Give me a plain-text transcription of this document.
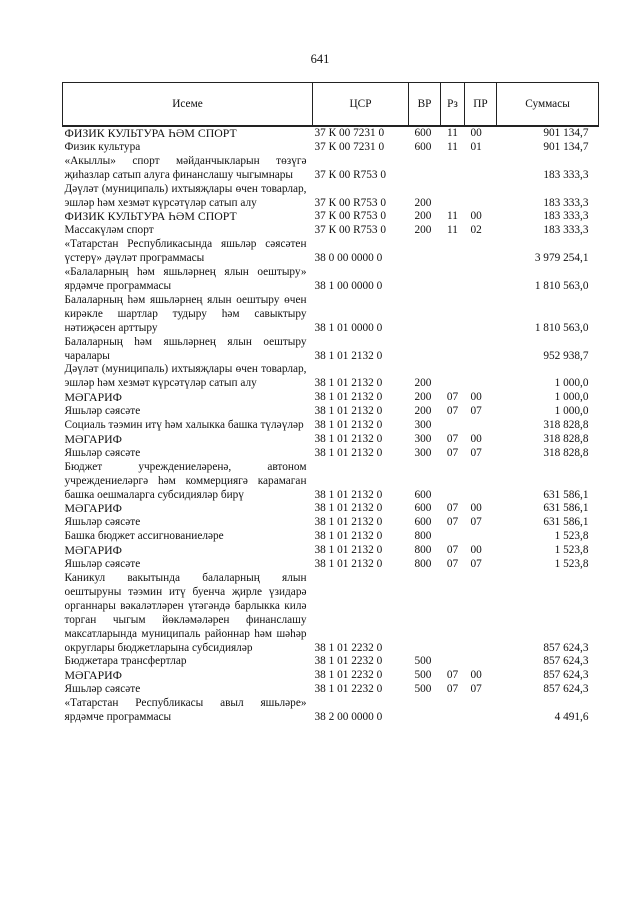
641
Исеме	ЦСР	ВР	Рз	ПР	Суммасы
ФИЗИК КУЛЬТУРА ҺӘМ СПОРТ	37 К 00 7231 0	600	11	00	901 134,7
Физик культура	37 К 00 7231 0	600	11	01	901 134,7
«Акыллы» спорт мәйданчыкларын төзүгә җиһазлар сатып алуга финанслашу чыгымнары	37 К 00 R753 0				183 333,3
Дәүләт (муниципаль) ихтыяҗлары өчен товарлар, эшләр һәм хезмәт күрсәтүләр сатып алу	37 К 00 R753 0	200			183 333,3
ФИЗИК КУЛЬТУРА ҺӘМ СПОРТ	37 К 00 R753 0	200	11	00	183 333,3
Массакүләм спорт	37 К 00 R753 0	200	11	02	183 333,3
«Татарстан Республикасында яшьләр сәясәтен үстерү» дәүләт программасы	38 0 00 0000 0				3 979 254,1
«Балаларның һәм яшьләрнең ялын оештыру» ярдәмче программасы	38 1 00 0000 0				1 810 563,0
Балаларның һәм яшьләрнең ялын оештыру өчен кирәкле шартлар тудыру һәм савыктыру нәтиҗәсен арттыру	38 1 01 0000 0				1 810 563,0
Балаларның һәм яшьләрнең ялын оештыру чаралары	38 1 01 2132 0				952 938,7
Дәүләт (муниципаль) ихтыяҗлары өчен товарлар, эшләр һәм хезмәт күрсәтүләр сатып алу	38 1 01 2132 0	200			1 000,0
МӘГАРИФ	38 1 01 2132 0	200	07	00	1 000,0
Яшьләр сәясәте	38 1 01 2132 0	200	07	07	1 000,0
Социаль тәэмин итү һәм халыкка башка түләүләр	38 1 01 2132 0	300			318 828,8
МӘГАРИФ	38 1 01 2132 0	300	07	00	318 828,8
Яшьләр сәясәте	38 1 01 2132 0	300	07	07	318 828,8
Бюджет учреждениеләренә, автоном учреждениеләргә һәм коммерциягә карамаган башка оешмаларга субсидияләр бирү	38 1 01 2132 0	600			631 586,1
МӘГАРИФ	38 1 01 2132 0	600	07	00	631 586,1
Яшьләр сәясәте	38 1 01 2132 0	600	07	07	631 586,1
Башка бюджет ассигнованиеләре	38 1 01 2132 0	800			1 523,8
МӘГАРИФ	38 1 01 2132 0	800	07	00	1 523,8
Яшьләр сәясәте	38 1 01 2132 0	800	07	07	1 523,8
Каникул вакытында балаларның ялын оештыруны тәэмин итү буенча җирле үзидарә органнары вәкаләтләрен үтәгәндә барлыкка килә торган чыгым йөкләмәләрен финанслашу максатларында муниципаль районнар һәм шәһәр округлары бюджетларына субсидияләр	38 1 01 2232 0				857 624,3
Бюджетара трансфертлар	38 1 01 2232 0	500			857 624,3
МӘГАРИФ	38 1 01 2232 0	500	07	00	857 624,3
Яшьләр сәясәте	38 1 01 2232 0	500	07	07	857 624,3
«Татарстан Республикасы авыл яшьләре» ярдәмче программасы	38 2 00 0000 0				4 491,6
